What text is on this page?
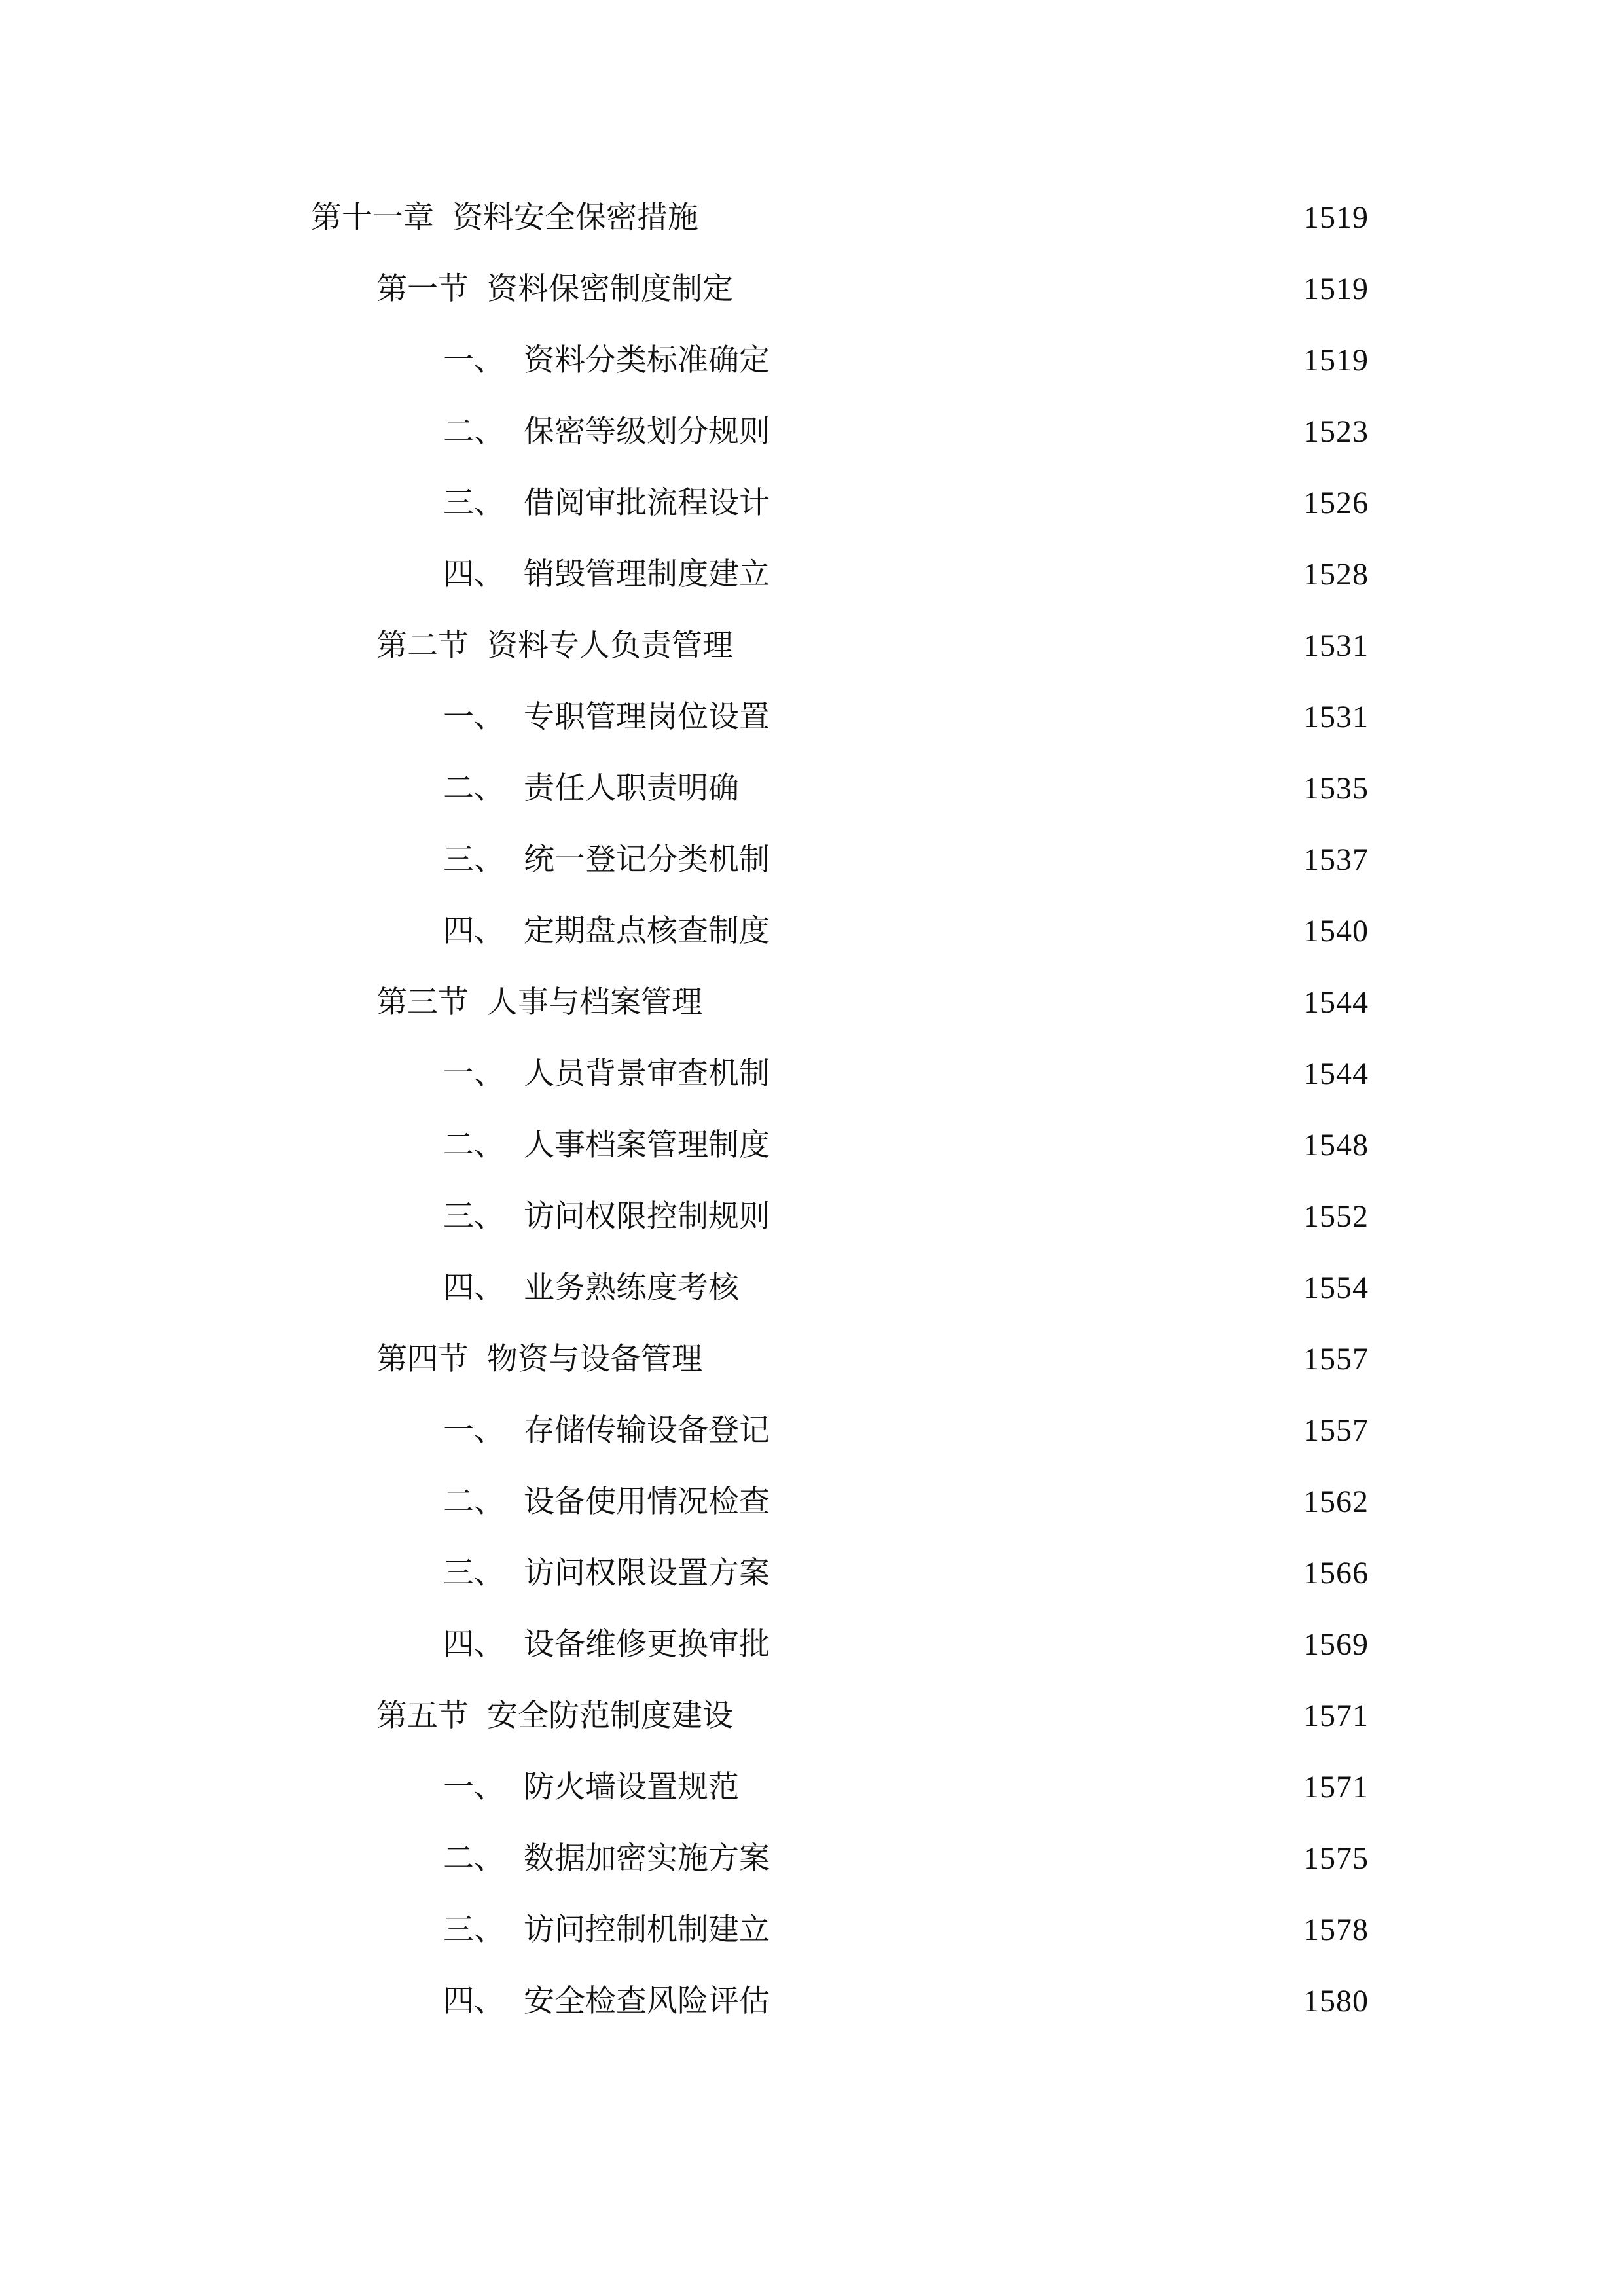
第十一章 资料安全保密措施	1519
第一节 资料保密制度制定	1519
一、 资料分类标准确定	1519
二、 保密等级划分规则	1523
三、 借阅审批流程设计	1526
四、 销毁管理制度建立	1528
第二节 资料专人负责管理	1531
一、 专职管理岗位设置	1531
二、 责任人职责明确	1535
三、 统一登记分类机制	1537
四、 定期盘点核查制度	1540
第三节 人事与档案管理	1544
一、 人员背景审查机制	1544
二、 人事档案管理制度	1548
三、 访问权限控制规则	1552
四、 业务熟练度考核	1554
第四节 物资与设备管理	1557
一、 存储传输设备登记	1557
二、 设备使用情况检查	1562
三、 访问权限设置方案	1566
四、 设备维修更换审批	1569
第五节 安全防范制度建设	1571
一、 防火墙设置规范	1571
二、 数据加密实施方案	1575
三、 访问控制机制建立	1578
四、 安全检查风险评估	1580
